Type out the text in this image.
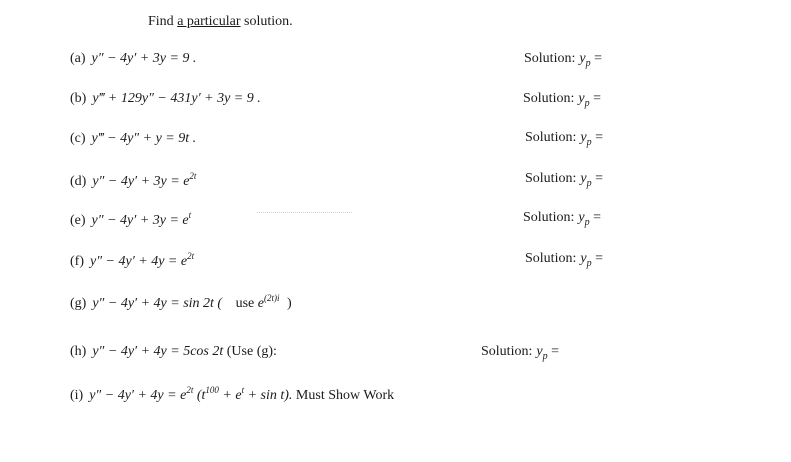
Find a particular solution.
(a) y″ − 4y′ + 3y = 9 .
(b) y‴ + 129y″ − 431y′ + 3y = 9 .
(c) y‴ − 4y″ + y = 9t .
(d) $y'' - 4y' + 3y = e^{2t}$
(e) $y'' - 4y' + 3y = e^t$
(f) $y'' - 4y' + 4y = e^{2t}$
(g) y″ − 4y′ + 4y = sin 2t ( use $e^{(2t)i}$ )
(h) y″ − 4y′ + 4y = 5cos 2t (Use (g):
(i) $y'' - 4y' + 4y = e^{2t}$ $(t^{100} + e^t + \sin t)$. Must Show Work
Solution: $y_p$ =
Solution: $y_p$ =
Solution: $y_p$ =
Solution: $y_p$ =
Solution: $y_p$ =
Solution: $y_p$ =
Solution: $y_p$ =
